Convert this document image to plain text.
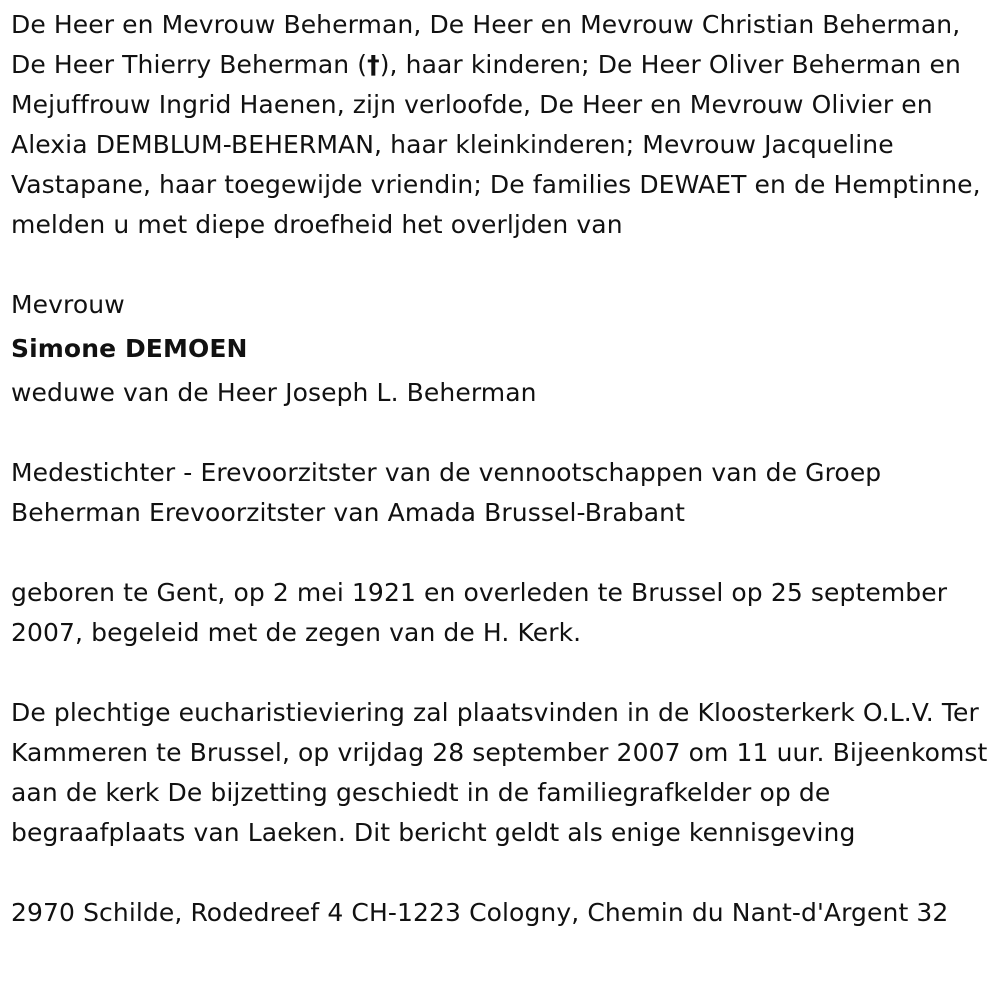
De Heer en Mevrouw Beherman, De Heer en Mevrouw Christian Beherman, De Heer Thierry Beherman (†), haar kinderen; De Heer Oliver Beherman en Mejuffrouw Ingrid Haenen, zijn verloofde, De Heer en Mevrouw Olivier en Alexia DEMBLUM-BEHERMAN, haar kleinkinderen; Mevrouw Jacqueline Vastapane, haar toegewijde vriendin; De families DEWAET en de Hemptinne, melden u met diepe droefheid het overljden van

Mevrouw

Simone DEMOEN

weduwe van de Heer Joseph L. Beherman

Medestichter - Erevoorzitster van de vennootschappen van de Groep Beherman Erevoorzitster van Amada Brussel-Brabant

geboren te Gent, op 2 mei 1921 en overleden te Brussel op 25 september 2007, begeleid met de zegen van de H. Kerk.

De plechtige eucharistieviering zal plaatsvinden in de Kloosterkerk O.L.V. Ter Kammeren te Brussel, op vrijdag 28 september 2007 om 11 uur. Bijeenkomst aan de kerk De bijzetting geschiedt in de familiegrafkelder op de begraafplaats van Laeken. Dit bericht geldt als enige kennisgeving

2970 Schilde, Rodedreef 4 CH-1223 Cologny, Chemin du Nant-d'Argent 32
